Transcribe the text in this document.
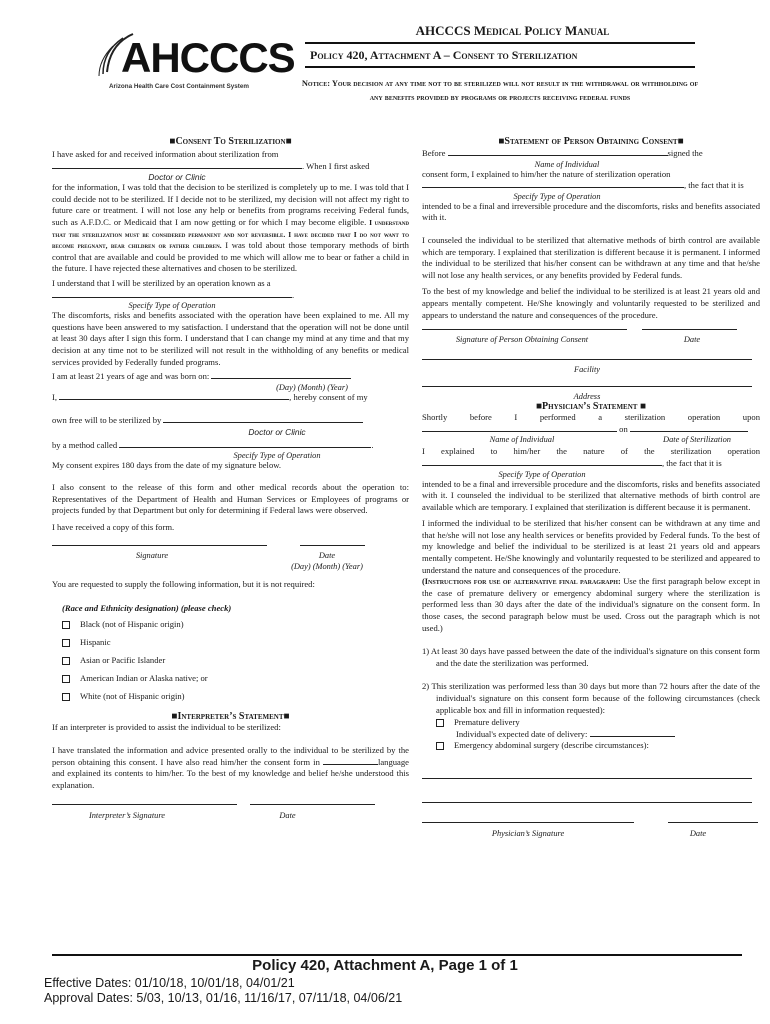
AHCCCS
Arizona Health Care Cost Containment System
AHCCCS Medical Policy Manual
Policy 420, Attachment A – Consent to Sterilization
Notice: Your decision at any time not to be sterilized will not result in the withdrawal or withholding of any benefits provided by programs or projects receiving federal funds
■Consent To Sterilization■
I have asked for and received information about sterilization from
. When I first asked
Doctor or Clinic
for the information, I was told that the decision to be sterilized is completely up to me. I was told that I could decide not to be sterilized. If I decide not to be sterilized, my decision will not affect my right to future care or treatment. I will not lose any help or benefits from programs receiving Federal funds, such as A.F.D.C. or Medicaid that I am now getting or for which I may become eligible. I understand that the sterilization must be considered permanent and not reversible. I have decided that I do not want to become pregnant, bear children or father children. I was told about those temporary methods of birth control that are available and could be provided to me which will allow me to bear or father a child in the future. I have rejected these alternatives and chosen to be sterilized.
I understand that I will be sterilized by an operation known as a
.
Specify Type of Operation
The discomforts, risks and benefits associated with the operation have been explained to me. All my questions have been answered to my satisfaction. I understand that the operation will not be done until at least 30 days after I sign this form. I understand that I can change my mind at any time and that my decision at any time not to be sterilized will not result in the withholding of any benefits or medical services provided by Federally funded programs.
I am at least 21 years of age and was born on:
(Day) (Month) (Year)
I,	, hereby consent of my
own free will to be sterilized by
Doctor or Clinic
by a method called	.
Specify Type of Operation
My consent expires 180 days from the date of my signature below.
I also consent to the release of this form and other medical records about the operation to: Representatives of the Department of Health and Human Services or Employees of programs or projects funded by that Department but only for determining if Federal laws were observed.
I have received a copy of this form.
Signature	Date
(Day) (Month) (Year)
You are requested to supply the following information, but it is not required:
(Race and Ethnicity designation) (please check)
Black (not of Hispanic origin)
Hispanic
Asian or Pacific Islander
American Indian or Alaska native; or
White (not of Hispanic origin)
■Interpreter’s Statement■
If an interpreter is provided to assist the individual to be sterilized:
I have translated the information and advice presented orally to the individual to be sterilized by the person obtaining this consent. I have also read him/her the consent form in	language and explained its contents to him/her. To the best of my knowledge and belief he/she understood this explanation.
Interpreter’s Signature	Date
■Statement of Person Obtaining Consent■
Before	signed the
Name of Individual
consent form, I explained to him/her the nature of sterilization operation
, the fact that it is
Specify Type of Operation
intended to be a final and irreversible procedure and the discomforts, risks and benefits associated with it.
I counseled the individual to be sterilized that alternative methods of birth control are available which are temporary. I explained that sterilization is different because it is permanent. I informed the individual to be sterilized that his/her consent can be withdrawn at any time and that he/she will not lose any health services, or any benefits provided by Federal funds.
To the best of my knowledge and belief the individual to be sterilized is at least 21 years old and appears mentally competent. He/She knowingly and voluntarily requested to be sterilized and appears to understand the nature and consequences of the procedure.
Signature of Person Obtaining Consent	Date
Facility
Address
■Physician’s Statement ■
Shortly before I performed a sterilization operation upon
on
Name of Individual	Date of Sterilization
I explained to him/her the nature of the sterilization operation
, the fact that it is
Specify Type of Operation
intended to be a final and irreversible procedure and the discomforts, risks and benefits associated with it. I counseled the individual to be sterilized that alternative methods of birth control are available which are temporary. I explained that sterilization is different because it is permanent.
I informed the individual to be sterilized that his/her consent can be withdrawn at any time and that he/she will not lose any health services or benefits provided by Federal funds. To the best of my knowledge and belief the individual to be sterilized is at least 21 years old and appears mentally competent. He/She knowingly and voluntarily requested to be sterilized and appeared to understand the nature and consequences of the procedure.
(Instructions for use of alternative final paragraph: Use the first paragraph below except in the case of premature delivery or emergency abdominal surgery where the sterilization is performed less than 30 days after the date of the individual's signature on the consent form. In those cases, the second paragraph below must be used. Cross out the paragraph which is not used.)
1) At least 30 days have passed between the date of the individual's signature on this consent form and the date the sterilization was performed.
2) This sterilization was performed less than 30 days but more than 72 hours after the date of the individual's signature on this consent form because of the following circumstances (check applicable box and fill in information requested):
Premature delivery
Individual's expected date of delivery:
Emergency abdominal surgery (describe circumstances):

Physician’s Signature	Date
Policy 420, Attachment A, Page 1 of 1
Effective Dates: 01/10/18, 10/01/18, 04/01/21
Approval Dates: 5/03, 10/13, 01/16, 11/16/17, 07/11/18, 04/06/21
